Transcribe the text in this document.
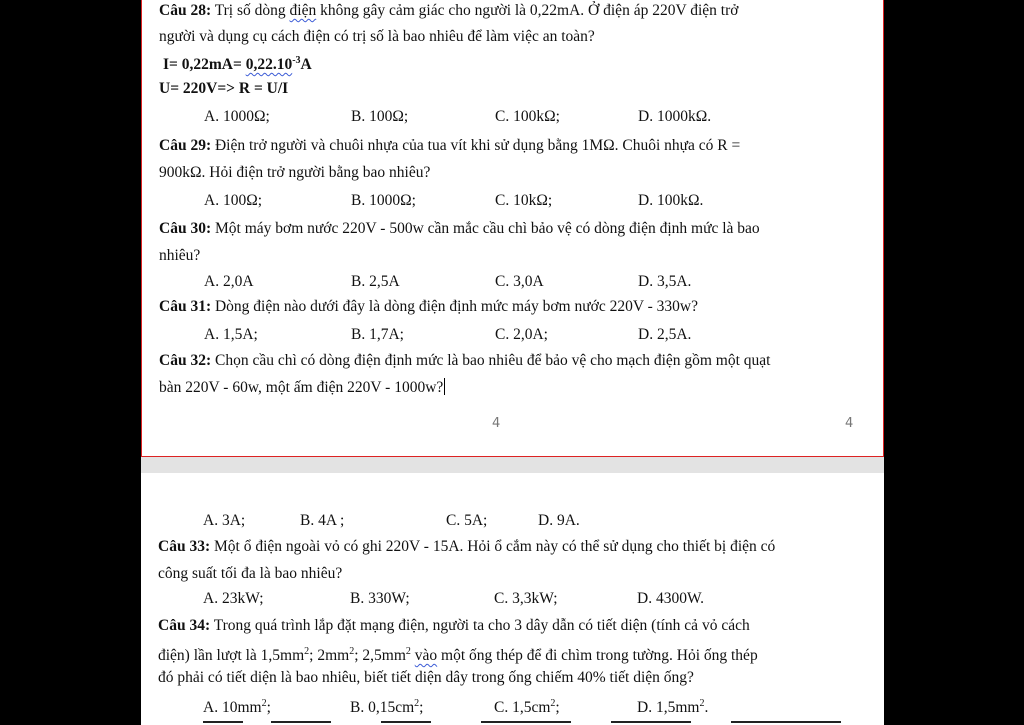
Câu 28: Trị số dòng điện không gây cảm giác cho người là 0,22mA. Ở điện áp 220V điện trở
người và dụng cụ cách điện có trị số là bao nhiêu để làm việc an toàn?
$I= 0,22mA= 0,22.10^{-3}A$
U= 220V=> R = U/I
A. 1000Ω;	B. 100Ω;	C. 100kΩ;	D. 1000kΩ.
Câu 29: Điện trở người và chuôi nhựa của tua vít khi sử dụng bằng 1MΩ. Chuôi nhựa có R =
900kΩ. Hỏi điện trở người bằng bao nhiêu?
A. 100Ω;	B. 1000Ω;	C. 10kΩ;	D. 100kΩ.
Câu 30: Một máy bơm nước 220V - 500w cần mắc cầu chì bảo vệ có dòng điện định mức là bao
nhiêu?
A. 2,0A	B. 2,5A	C. 3,0A	D. 3,5A.
Câu 31: Dòng điện nào dưới đây là dòng điện định mức máy bơm nước 220V - 330w?
A. 1,5A;	B. 1,7A;	C. 2,0A;	D. 2,5A.
Câu 32: Chọn cầu chì có dòng điện định mức là bao nhiêu để bảo vệ cho mạch điện gồm một quạt
bàn 220V - 60w, một ấm điện 220V - 1000w?
4	4
A. 3A;	B. 4A ;	C. 5A;	D. 9A.
Câu 33: Một ổ điện ngoài vỏ có ghi 220V - 15A. Hỏi ổ cắm này có thể sử dụng cho thiết bị điện có
công suất tối đa là bao nhiêu?
A. 23kW;	B. 330W;	C. 3,3kW;	D. 4300W.
Câu 34: Trong quá trình lắp đặt mạng điện, người ta cho 3 dây dẫn có tiết diện (tính cả vỏ cách
điện) lần lượt là $1,5mm^2$; $2mm^2$; $2,5mm^2$ vào một ống thép để đi chìm trong tường. Hỏi ống thép
đó phải có tiết diện là bao nhiêu, biết tiết diện dây trong ống chiếm 40% tiết diện ống?
A. $10mm^2$;	B. $0,15cm^2$;	C. $1,5cm^2$;	D. $1,5mm^2$.
